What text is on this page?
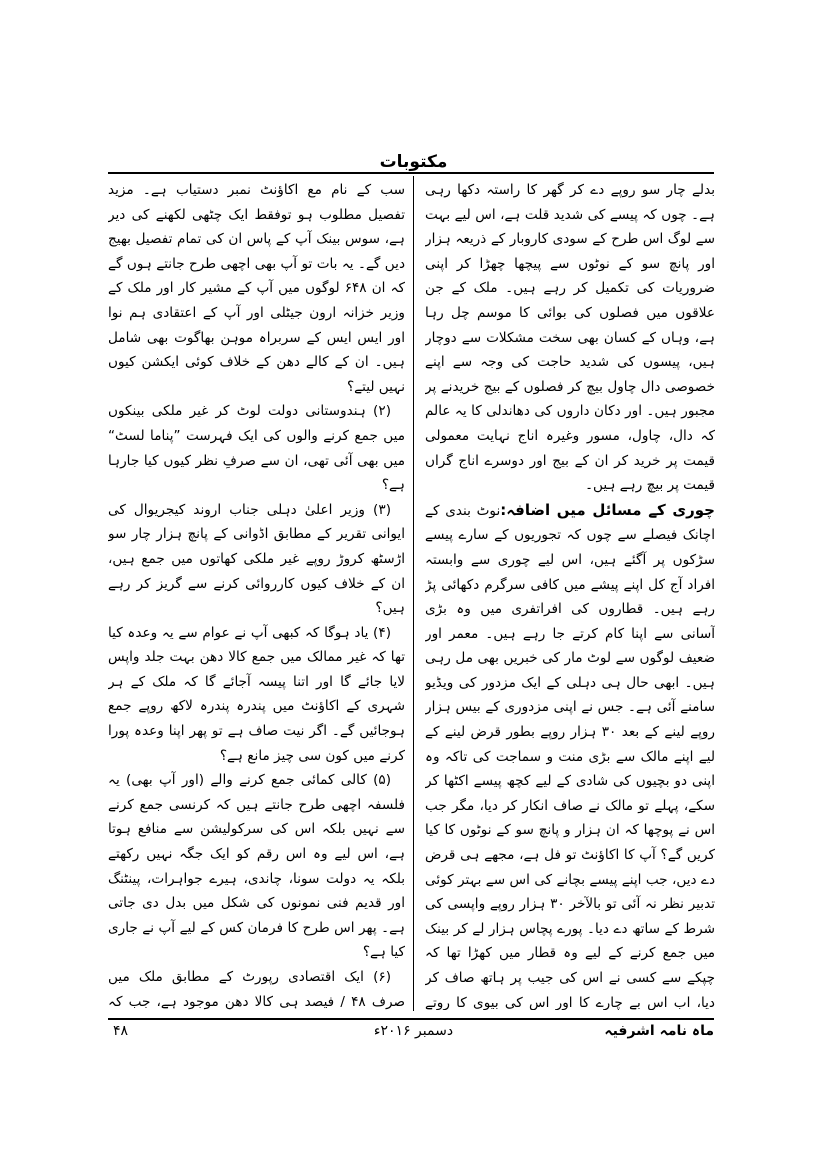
مکتوبات

بدلے چار سو روپے دے کر گھر کا راستہ دکھا رہی ہے۔ چوں کہ پیسے کی شدید قلت ہے، اس لیے بہت سے لوگ اس طرح کے سودی کاروبار کے ذریعہ ہزار اور پانچ سو کے نوٹوں سے پیچھا چھڑا کر اپنی ضروریات کی تکمیل کر رہے ہیں۔ ملک کے جن علاقوں میں فصلوں کی بوائی کا موسم چل رہا ہے، وہاں کے کسان بھی سخت مشکلات سے دوچار ہیں، پیسوں کی شدید حاجت کی وجہ سے اپنے خصوصی دال چاول بیچ کر فصلوں کے بیج خریدنے پر مجبور ہیں۔ اور دکان داروں کی دھاندلی کا یہ عالم کہ دال، چاول، مسور وغیرہ اناج نہایت معمولی قیمت پر خرید کر ان کے بیج اور دوسرے اناج گراں قیمت پر بیچ رہے ہیں۔

چوری کے مسائل میں اضافہ:نوٹ بندی کے اچانک فیصلے سے چوں کہ تجوریوں کے سارے پیسے سڑکوں پر آگئے ہیں، اس لیے چوری سے وابستہ افراد آج کل اپنے پیشے میں کافی سرگرم دکھائی پڑ رہے ہیں۔ قطاروں کی افراتفری میں وہ بڑی آسانی سے اپنا کام کرتے جا رہے ہیں۔ معمر اور ضعیف لوگوں سے لوٹ مار کی خبریں بھی مل رہی ہیں۔ ابھی حال ہی دہلی کے ایک مزدور کی ویڈیو سامنے آئی ہے۔ جس نے اپنی مزدوری کے بیس ہزار روپے لینے کے بعد ۳۰ ہزار روپے بطور قرض لینے کے لیے اپنے مالک سے بڑی منت و سماجت کی تاکہ وہ اپنی دو بچیوں کی شادی کے لیے کچھ پیسے اکٹھا کر سکے، پہلے تو مالک نے صاف انکار کر دیا، مگر جب اس نے پوچھا کہ ان ہزار و پانچ سو کے نوٹوں کا کیا کریں گے؟ آپ کا اکاؤنٹ تو فل ہے، مجھے ہی قرض دے دیں، جب اپنے پیسے بچانے کی اس سے بہتر کوئی تدبیر نظر نہ آئی تو بالآخر ۳۰ ہزار روپے واپسی کی شرط کے ساتھ دے دیا۔ پورے پچاس ہزار لے کر بینک میں جمع کرنے کے لیے وہ قطار میں کھڑا تھا کہ چپکے سے کسی نے اس کی جیب پر ہاتھ صاف کر دیا، اب اس بے چارے کا اور اس کی بیوی کا روتے

سب کے نام مع اکاؤنٹ نمبر دستیاب ہے۔ مزید تفصیل مطلوب ہو توفقط ایک چٹھی لکھنے کی دیر ہے، سوس بینک آپ کے پاس ان کی تمام تفصیل بھیج دیں گے۔ یہ بات تو آپ بھی اچھی طرح جانتے ہوں گے کہ ان ۶۴۸ لوگوں میں آپ کے مشیر کار اور ملک کے وزیر خزانہ ارون جیٹلی اور آپ کے اعتقادی ہم نوا اور ایس ایس کے سربراہ موہن بھاگوت بھی شامل ہیں۔ ان کے کالے دھن کے خلاف کوئی ایکشن کیوں نہیں لیتے؟

(۲) ہندوستانی دولت لوٹ کر غیر ملکی بینکوں میں جمع کرنے والوں کی ایک فہرست ”پناما لسٹ“ میں بھی آئی تھی، ان سے صرفِ نظر کیوں کیا جارہا ہے؟

(۳) وزیر اعلیٰ دہلی جناب اروند کیجریوال کی ایوانی تقریر کے مطابق اڈوانی کے پانچ ہزار چار سو اڑسٹھ کروڑ روپے غیر ملکی کھاتوں میں جمع ہیں، ان کے خلاف کیوں کارروائی کرنے سے گریز کر رہے ہیں؟

(۴) یاد ہوگا کہ کبھی آپ نے عوام سے یہ وعدہ کیا تھا کہ غیر ممالک میں جمع کالا دھن بہت جلد واپس لایا جائے گا اور اتنا پیسہ آجائے گا کہ ملک کے ہر شہری کے اکاؤنٹ میں پندرہ پندرہ لاکھ روپے جمع ہوجائیں گے۔ اگر نیت صاف ہے تو پھر اپنا وعدہ پورا کرنے میں کون سی چیز مانع ہے؟

(۵) کالی کمائی جمع کرنے والے (اور آپ بھی) یہ فلسفہ اچھی طرح جانتے ہیں کہ کرنسی جمع کرنے سے نہیں بلکہ اس کی سرکولیشن سے منافع ہوتا ہے، اس لیے وہ اس رقم کو ایک جگہ نہیں رکھتے بلکہ یہ دولت سونا، چاندی، ہیرے جواہرات، پینٹنگ اور قدیم فنی نمونوں کی شکل میں بدل دی جاتی ہے۔ پھر اس طرح کا فرمان کس کے لیے آپ نے جاری کیا ہے؟

(۶) ایک اقتصادی رپورٹ کے مطابق ملک میں صرف ۴۸ / فیصد ہی کالا دھن موجود ہے، جب کہ

ماہ نامہ اشرفیہ
دسمبر ۲۰۱۶ء
۴۸
